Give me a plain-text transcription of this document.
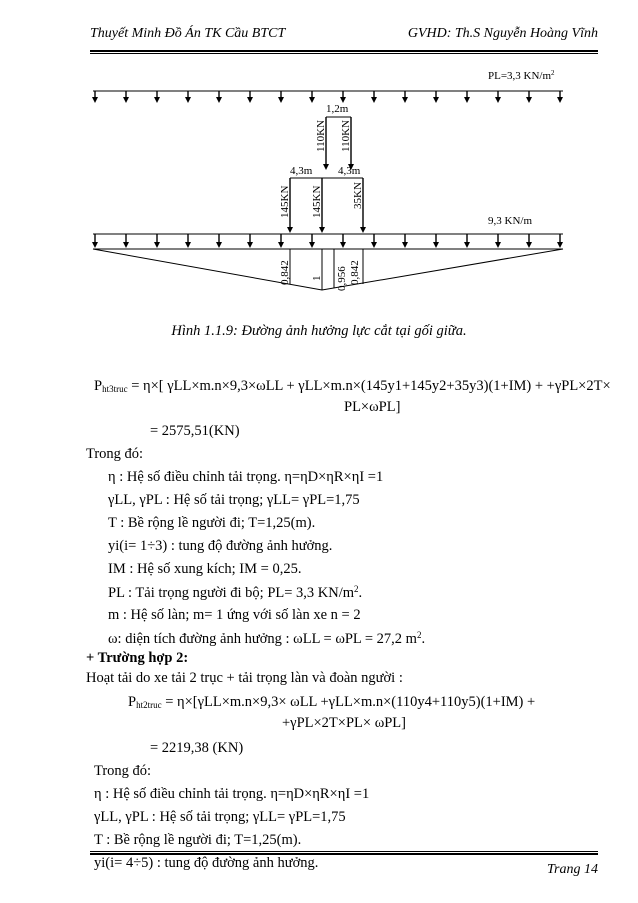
Thuyết Minh Đồ Án TK Cầu BTCT	GVHD: Th.S Nguyễn Hoàng Vĩnh
PL=3,3 $KN/m^2$
1,2m
9,3 KN/m
4,3m 4,3m
110KN 110KN
145KN 145KN	35KN
0,842 1 0,956 0,842
Hình 1.1.9: Đường ảnh hưởng lực cắt tại gối giữa.
$P_{ht3truc} = \eta\times$[ γLL×m.n×9,3×ωLL + γLL×m.n×(145y1+145y2+35y3)(1+IM) + +γPL×2T×
PL×ωPL]
= 2575,51(KN)
Trong đó:
η : Hệ số điều chỉnh tải trọng. η=ηD×ηR×ηI =1
γLL, γPL : Hệ số tải trọng; γLL= γPL=1,75
T : Bề rộng lề người đi; T=1,25(m).
yi(i= 1÷3) : tung độ đường ảnh hưởng.
IM : Hệ số xung kích; IM = 0,25.
PL : Tải trọng người đi bộ; PL= 3,3 $KN/m^2$.
m : Hệ số làn; m= 1 ứng với số làn xe n = 2
ω: diện tích đường ảnh hưởng : ωLL = ωPL = 27,2 $m^2$.
+ Trường hợp 2:
Hoạt tải do xe tải 2 trục + tải trọng làn và đoàn người :
$P_{ht2truc} = \eta\times[\gamma LL\times m.n\times 9,3\times \omega LL +\gamma LL\times m.n\times(110y4+110y5)(1+IM)$ +
+γPL×2T×PL× ωPL]
= 2219,38 (KN)
Trong đó:
η : Hệ số điều chỉnh tải trọng. η=ηD×ηR×ηI =1
γLL, γPL : Hệ số tải trọng; γLL= γPL=1,75
T : Bề rộng lề người đi; T=1,25(m).
yi(i= 4÷5) : tung độ đường ảnh hưởng.	Trang 14
